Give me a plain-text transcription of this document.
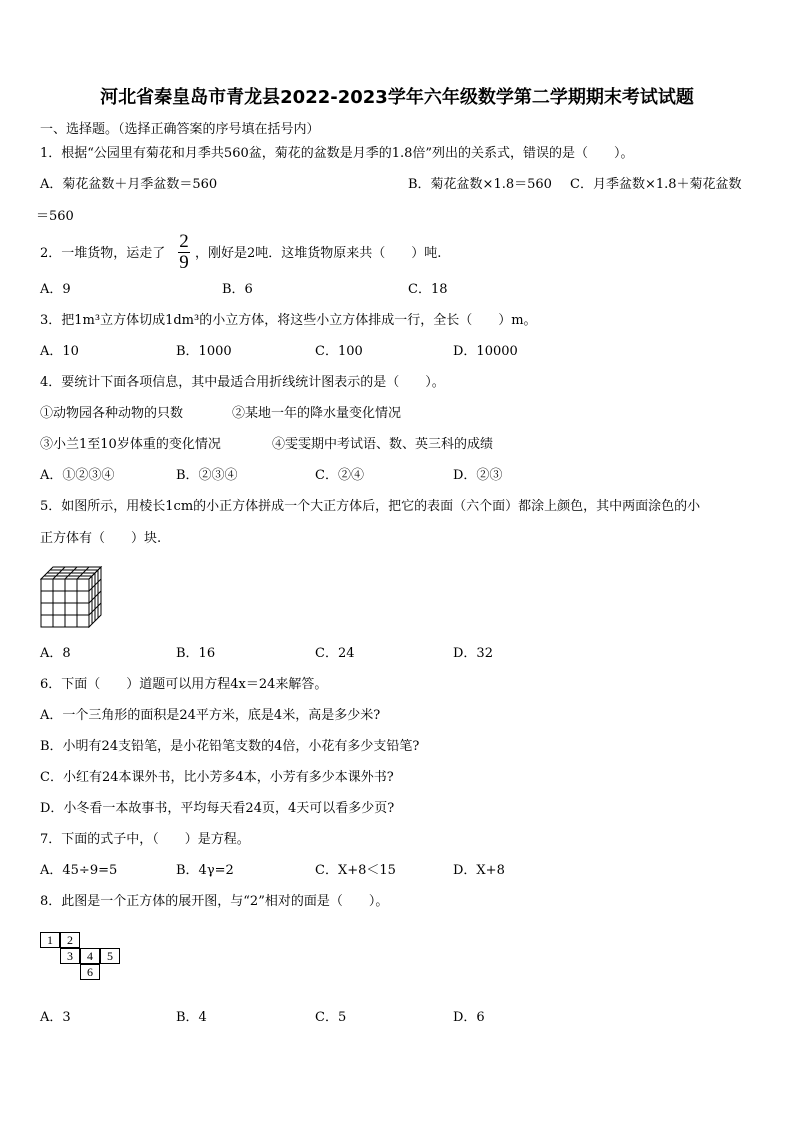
河北省秦皇岛市青龙县2022-2023学年六年级数学第二学期期末考试试题
一、选择题。（选择正确答案的序号填在括号内）
1．根据“公园里有菊花和月季共560盆，菊花的盆数是月季的1.8倍”列出的关系式，错误的是（　　）。
A．菊花盆数＋月季盆数＝560	B．菊花盆数×1.8＝560 C．月季盆数×1.8＋菊花盆数
＝560
2．一堆货物，运走了
2
9 ，刚好是2吨．这堆货物原来共（　　）吨.
A．9	B．6	C．18
3．把1m³立方体切成1dm³的小立方体，将这些小立方体排成一行，全长（　　）m。
A．10	B．1000	C．100	D．10000
4．要统计下面各项信息，其中最适合用折线统计图表示的是（　　）。
①动物园各种动物的只数	②某地一年的降水量变化情况
③小兰1至10岁体重的变化情况	④雯雯期中考试语、数、英三科的成绩
A．①②③④	B．②③④	C．②④	D．②③
5．如图所示，用棱长1cm的小正方体拼成一个大正方体后，把它的表面（六个面）都涂上颜色，其中两面涂色的小
正方体有（　　）块.
A．8	B．16	C．24	D．32
6．下面（　　）道题可以用方程4x＝24来解答。
A．一个三角形的面积是24平方米，底是4米，高是多少米?
B．小明有24支铅笔，是小花铅笔支数的4倍，小花有多少支铅笔?
C．小红有24本课外书，比小芳多4本，小芳有多少本课外书?
D．小冬看一本故事书，平均每天看24页，4天可以看多少页?
7．下面的式子中，（　　）是方程。
A．45÷9=5	B．4γ=2	C．X+8＜15	D．X+8
8．此图是一个正方体的展开图，与“2”相对的面是（　　）。
1	2
3	4	5
6
A．3	B．4	C．5	D．6
